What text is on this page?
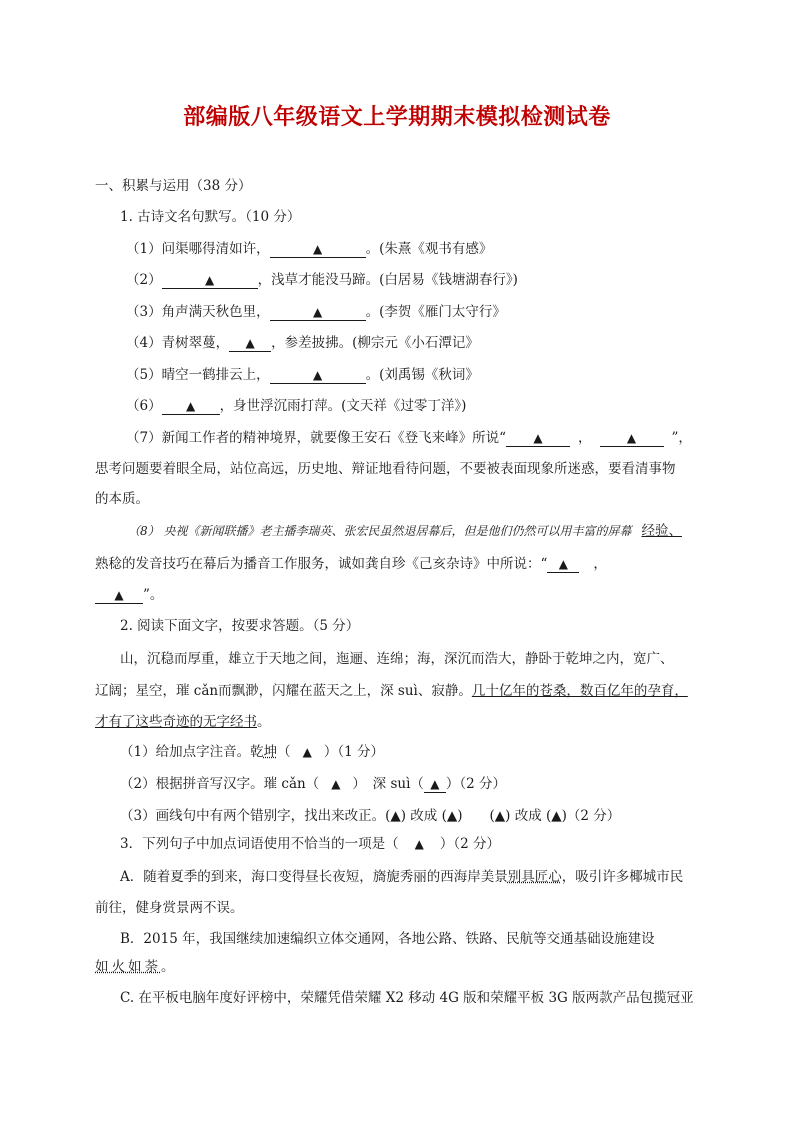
部编版八年级语文上学期期末模拟检测试卷
一、积累与运用（38 分）
1. 古诗文名句默写。（10 分）
（1）问渠哪得清如许，	▲	。(朱熹《观书有感》
（2）	▲	，浅草才能没马蹄。(白居易《钱塘湖春行》)
（3）角声满天秋色里，	▲	。(李贺《雁门太守行》
（4）青树翠蔓， ▲ ，参差披拂。(柳宗元《小石潭记》
（5）晴空一鹤排云上，	▲	。(刘禹锡《秋词》
（6） ▲ ，身世浮沉雨打萍。(文天祥《过零丁洋》)
（7）新闻工作者的精神境界，就要像王安石《登飞来峰》所说“ ▲	，	▲	”，
思考问题要着眼全局，站位高远，历史地、辩证地看待问题，不要被表面现象所迷惑，要看清事物
的本质。
（8） 央视《新闻联播》老主播李瑞英、张宏民虽然退居幕后，但是他们仍然可以用丰富的屏幕 经验、
熟稔的发音技巧在幕后为播音工作服务，诚如龚自珍《己亥杂诗》中所说：“ ▲ ，
▲ ”。
2. 阅读下面文字，按要求答题。（5 分）
山，沉稳而厚重，雄立于天地之间，迤逦、连绵；海，深沉而浩大，静卧于乾坤之内，宽广、
辽阔；星空，璀 cǎn而飘渺，闪耀在蓝天之上，深 suì、寂静。几十亿年的苍桑，数百亿年的孕育，
才有了这些奇迹的无字经书。
（1）给加点字注音。乾坤（ ▲ ）（1 分）
（2）根据拼音写汉字。璀 cǎn（ ▲ ）　深 suì（ ▲ ）（2 分）
（3）画线句中有两个错别字，找出来改正。(▲) 改成 (▲)　　(▲) 改成 (▲)（2 分）
3．下列句子中加点词语使用不恰当的一项是（ ▲ ）（2 分）
A．随着夏季的到来，海口变得昼长夜短，旖旎秀丽的西海岸美景别具匠心，吸引许多椰城市民
前往，健身赏景两不误。
B．2015 年，我国继续加速编织立体交通网，各地公路、铁路、民航等交通基础设施建设
如火如荼。
C. 在平板电脑年度好评榜中，荣耀凭借荣耀 X2 移动 4G 版和荣耀平板 3G 版两款产品包揽冠亚
